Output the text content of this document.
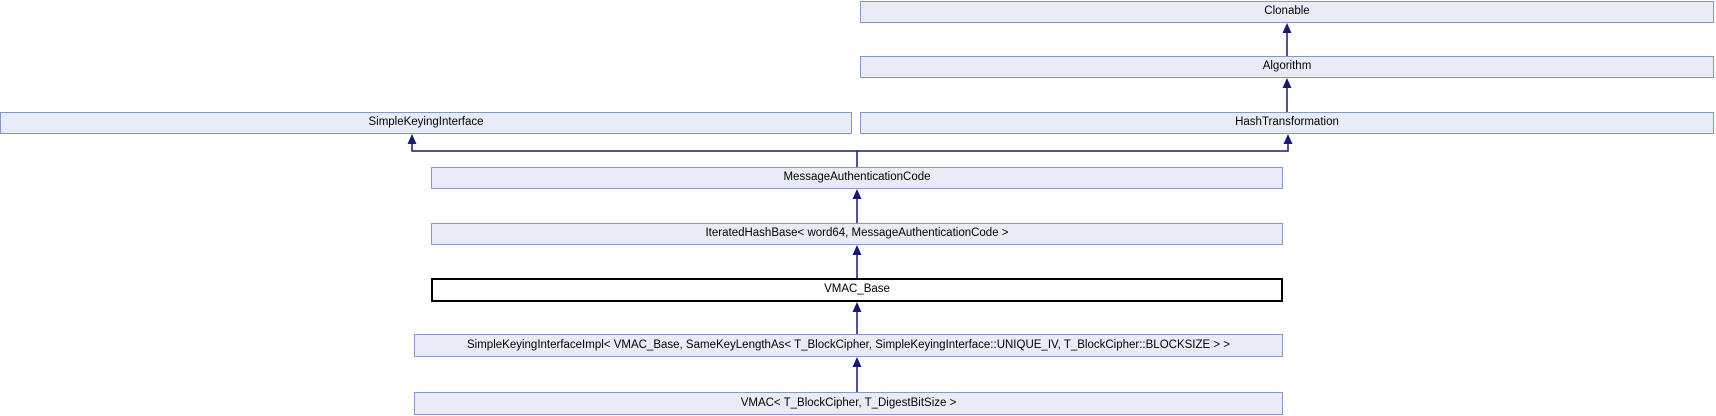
Clonable
Algorithm
SimpleKeyingInterface	HashTransformation
MessageAuthenticationCode
IteratedHashBase< word64, MessageAuthenticationCode >
VMAC_Base
SimpleKeyingInterfaceImpl< VMAC_Base, SameKeyLengthAs< T_BlockCipher, SimpleKeyingInterface::UNIQUE_IV, T_BlockCipher::BLOCKSIZE > >
VMAC< T_BlockCipher, T_DigestBitSize >
